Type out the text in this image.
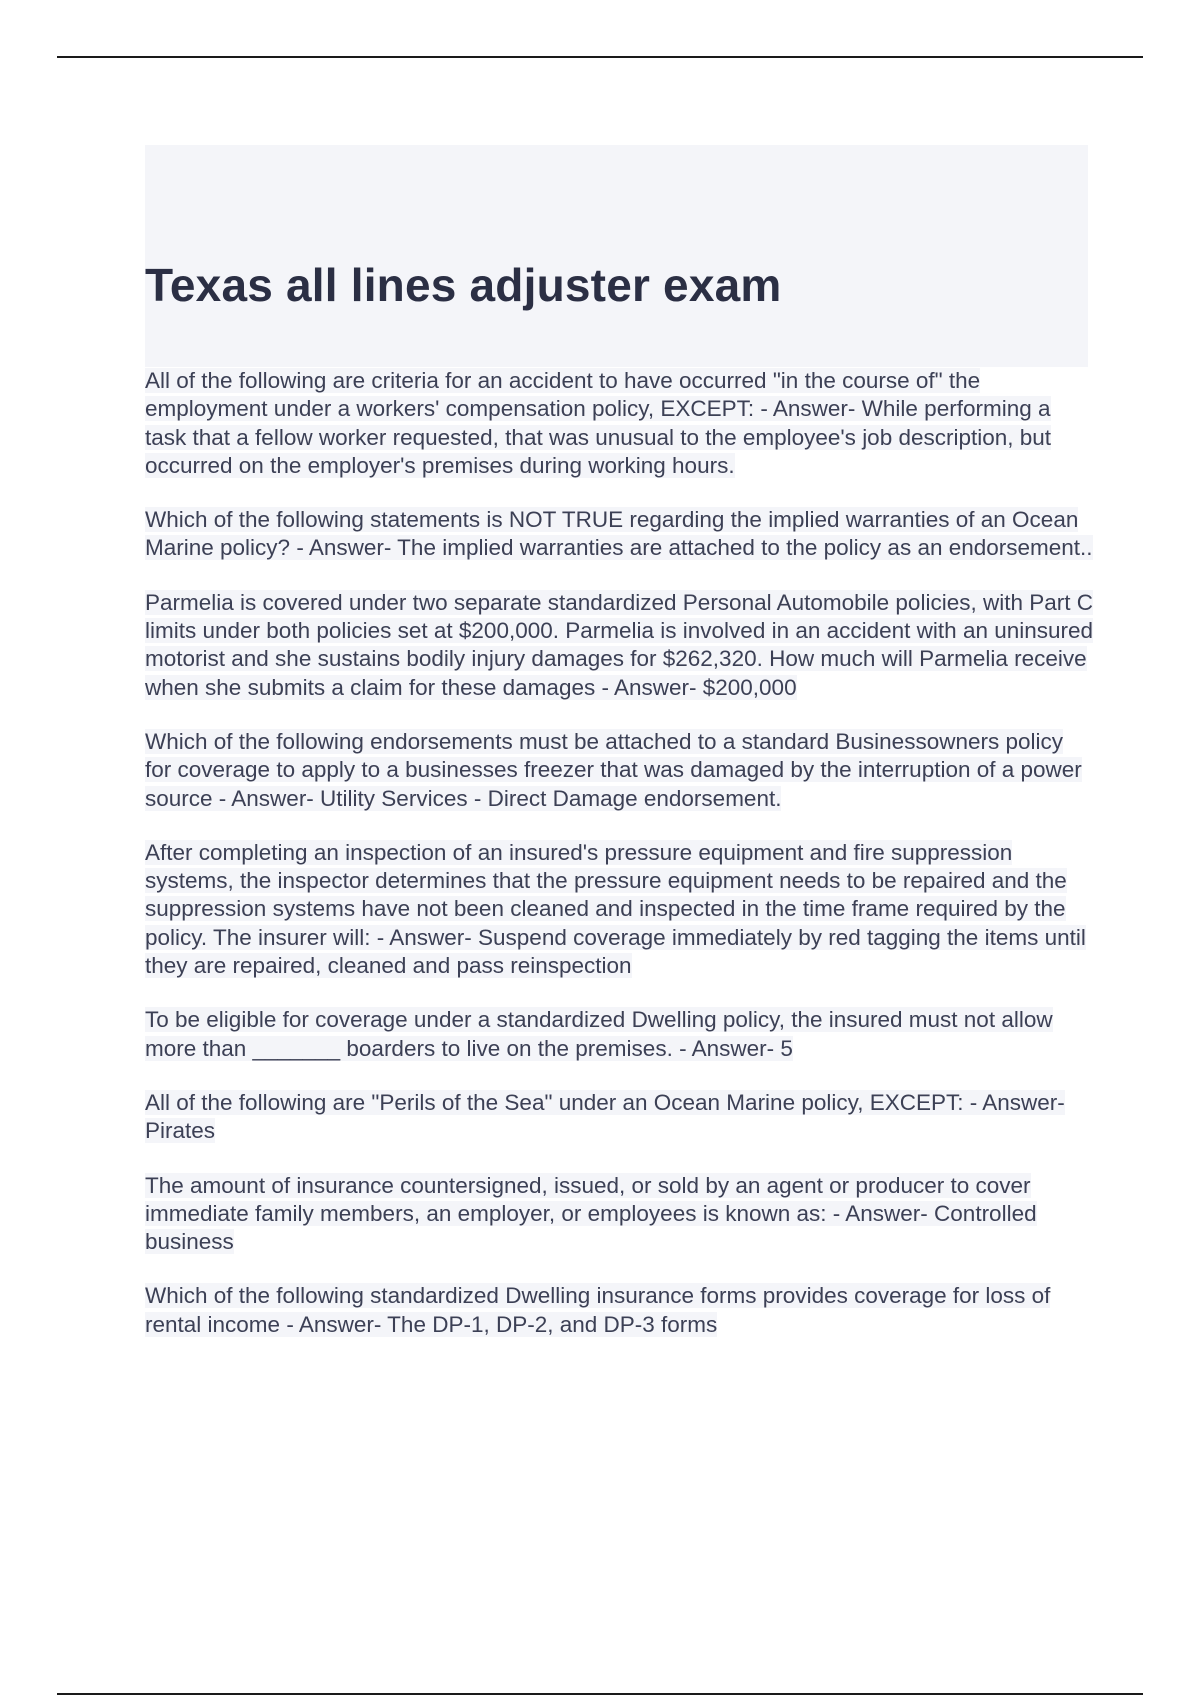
Texas all lines adjuster exam

All of the following are criteria for an accident to have occurred "in the course of" the employment under a workers' compensation policy, EXCEPT: - Answer- While performing a task that a fellow worker requested, that was unusual to the employee's job description, but occurred on the employer's premises during working hours.

Which of the following statements is NOT TRUE regarding the implied warranties of an Ocean Marine policy? - Answer- The implied warranties are attached to the policy as an endorsement..

Parmelia is covered under two separate standardized Personal Automobile policies, with Part C limits under both policies set at $200,000. Parmelia is involved in an accident with an uninsured motorist and she sustains bodily injury damages for $262,320. How much will Parmelia receive when she submits a claim for these damages - Answer- $200,000

Which of the following endorsements must be attached to a standard Businessowners policy for coverage to apply to a businesses freezer that was damaged by the interruption of a power source - Answer- Utility Services - Direct Damage endorsement.

After completing an inspection of an insured's pressure equipment and fire suppression systems, the inspector determines that the pressure equipment needs to be repaired and the suppression systems have not been cleaned and inspected in the time frame required by the policy. The insurer will: - Answer- Suspend coverage immediately by red tagging the items until they are repaired, cleaned and pass reinspection

To be eligible for coverage under a standardized Dwelling policy, the insured must not allow more than _______ boarders to live on the premises. - Answer- 5

All of the following are "Perils of the Sea" under an Ocean Marine policy, EXCEPT: - Answer- Pirates

The amount of insurance countersigned, issued, or sold by an agent or producer to cover immediate family members, an employer, or employees is known as: - Answer- Controlled business

Which of the following standardized Dwelling insurance forms provides coverage for loss of rental income - Answer- The DP-1, DP-2, and DP-3 forms
